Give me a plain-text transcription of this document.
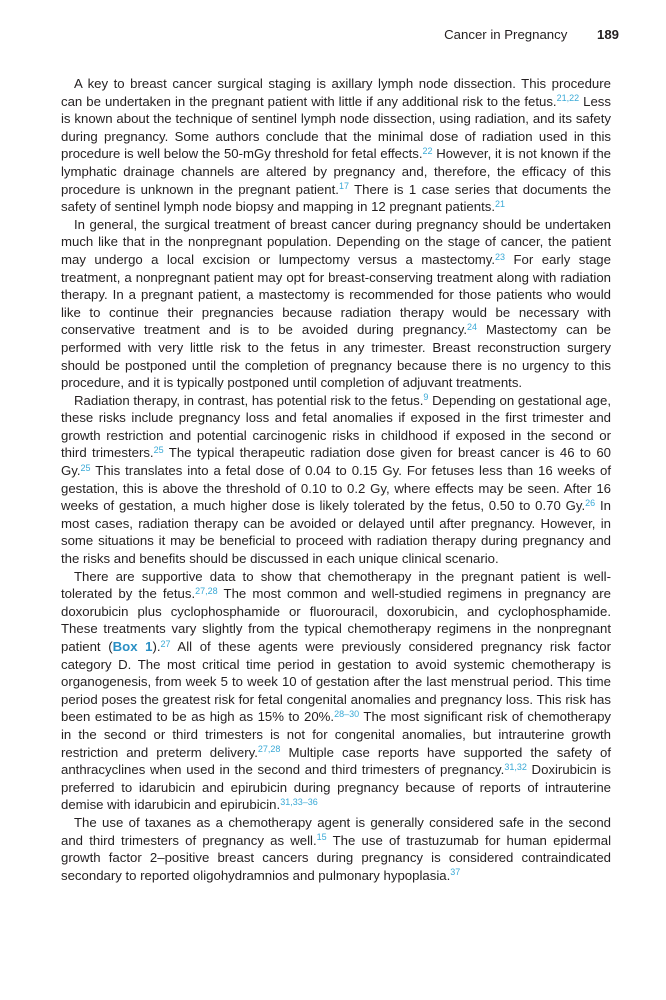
Cancer in Pregnancy 189

A key to breast cancer surgical staging is axillary lymph node dissection. This procedure can be undertaken in the pregnant patient with little if any additional risk to the fetus.$^{21,22}$ Less is known about the technique of sentinel lymph node dissection, using radiation, and its safety during pregnancy. Some authors conclude that the minimal dose of radiation used in this procedure is well below the 50-mGy threshold for fetal effects.$^{22}$ However, it is not known if the lymphatic drainage channels are altered by pregnancy and, therefore, the efficacy of this procedure is unknown in the pregnant patient.$^{17}$ There is 1 case series that documents the safety of sentinel lymph node biopsy and mapping in 12 pregnant patients.$^{21}$

In general, the surgical treatment of breast cancer during pregnancy should be undertaken much like that in the nonpregnant population. Depending on the stage of cancer, the patient may undergo a local excision or lumpectomy versus a mastectomy.$^{23}$ For early stage treatment, a nonpregnant patient may opt for breast-conserving treatment along with radiation therapy. In a pregnant patient, a mastectomy is recommended for those patients who would like to continue their pregnancies because radiation therapy would be necessary with conservative treatment and is to be avoided during pregnancy.$^{24}$ Mastectomy can be performed with very little risk to the fetus in any trimester. Breast reconstruction surgery should be postponed until the completion of pregnancy because there is no urgency to this procedure, and it is typically postponed until completion of adjuvant treatments.

Radiation therapy, in contrast, has potential risk to the fetus.$^9$ Depending on gestational age, these risks include pregnancy loss and fetal anomalies if exposed in the first trimester and growth restriction and potential carcinogenic risks in childhood if exposed in the second or third trimesters.$^{25}$ The typical therapeutic radiation dose given for breast cancer is 46 to 60 Gy.$^{25}$ This translates into a fetal dose of 0.04 to 0.15 Gy. For fetuses less than 16 weeks of gestation, this is above the threshold of 0.10 to 0.2 Gy, where effects may be seen. After 16 weeks of gestation, a much higher dose is likely tolerated by the fetus, 0.50 to 0.70 Gy.$^{26}$ In most cases, radiation therapy can be avoided or delayed until after pregnancy. However, in some situations it may be beneficial to proceed with radiation therapy during pregnancy and the risks and benefits should be discussed in each unique clinical scenario.

There are supportive data to show that chemotherapy in the pregnant patient is well-tolerated by the fetus.$^{27,28}$ The most common and well-studied regimens in pregnancy are doxorubicin plus cyclophosphamide or fluorouracil, doxorubicin, and cyclophosphamide. These treatments vary slightly from the typical chemotherapy regimens in the nonpregnant patient (Box 1).$^{27}$ All of these agents were previously considered pregnancy risk factor category D. The most critical time period in gestation to avoid systemic chemotherapy is organogenesis, from week 5 to week 10 of gestation after the last menstrual period. This time period poses the greatest risk for fetal congenital anomalies and pregnancy loss. This risk has been estimated to be as high as 15% to 20%.$^{28-30}$ The most significant risk of chemotherapy in the second or third trimesters is not for congenital anomalies, but intrauterine growth restriction and preterm delivery.$^{27,28}$ Multiple case reports have supported the safety of anthracyclines when used in the second and third trimesters of pregnancy.$^{31,32}$ Doxirubicin is preferred to idarubicin and epirubicin during pregnancy because of reports of intrauterine demise with idarubicin and epirubicin.$^{31,33-36}$

The use of taxanes as a chemotherapy agent is generally considered safe in the second and third trimesters of pregnancy as well.$^{15}$ The use of trastuzumab for human epidermal growth factor 2–positive breast cancers during pregnancy is considered contraindicated secondary to reported oligohydramnios and pulmonary hypoplasia.$^{37}$
